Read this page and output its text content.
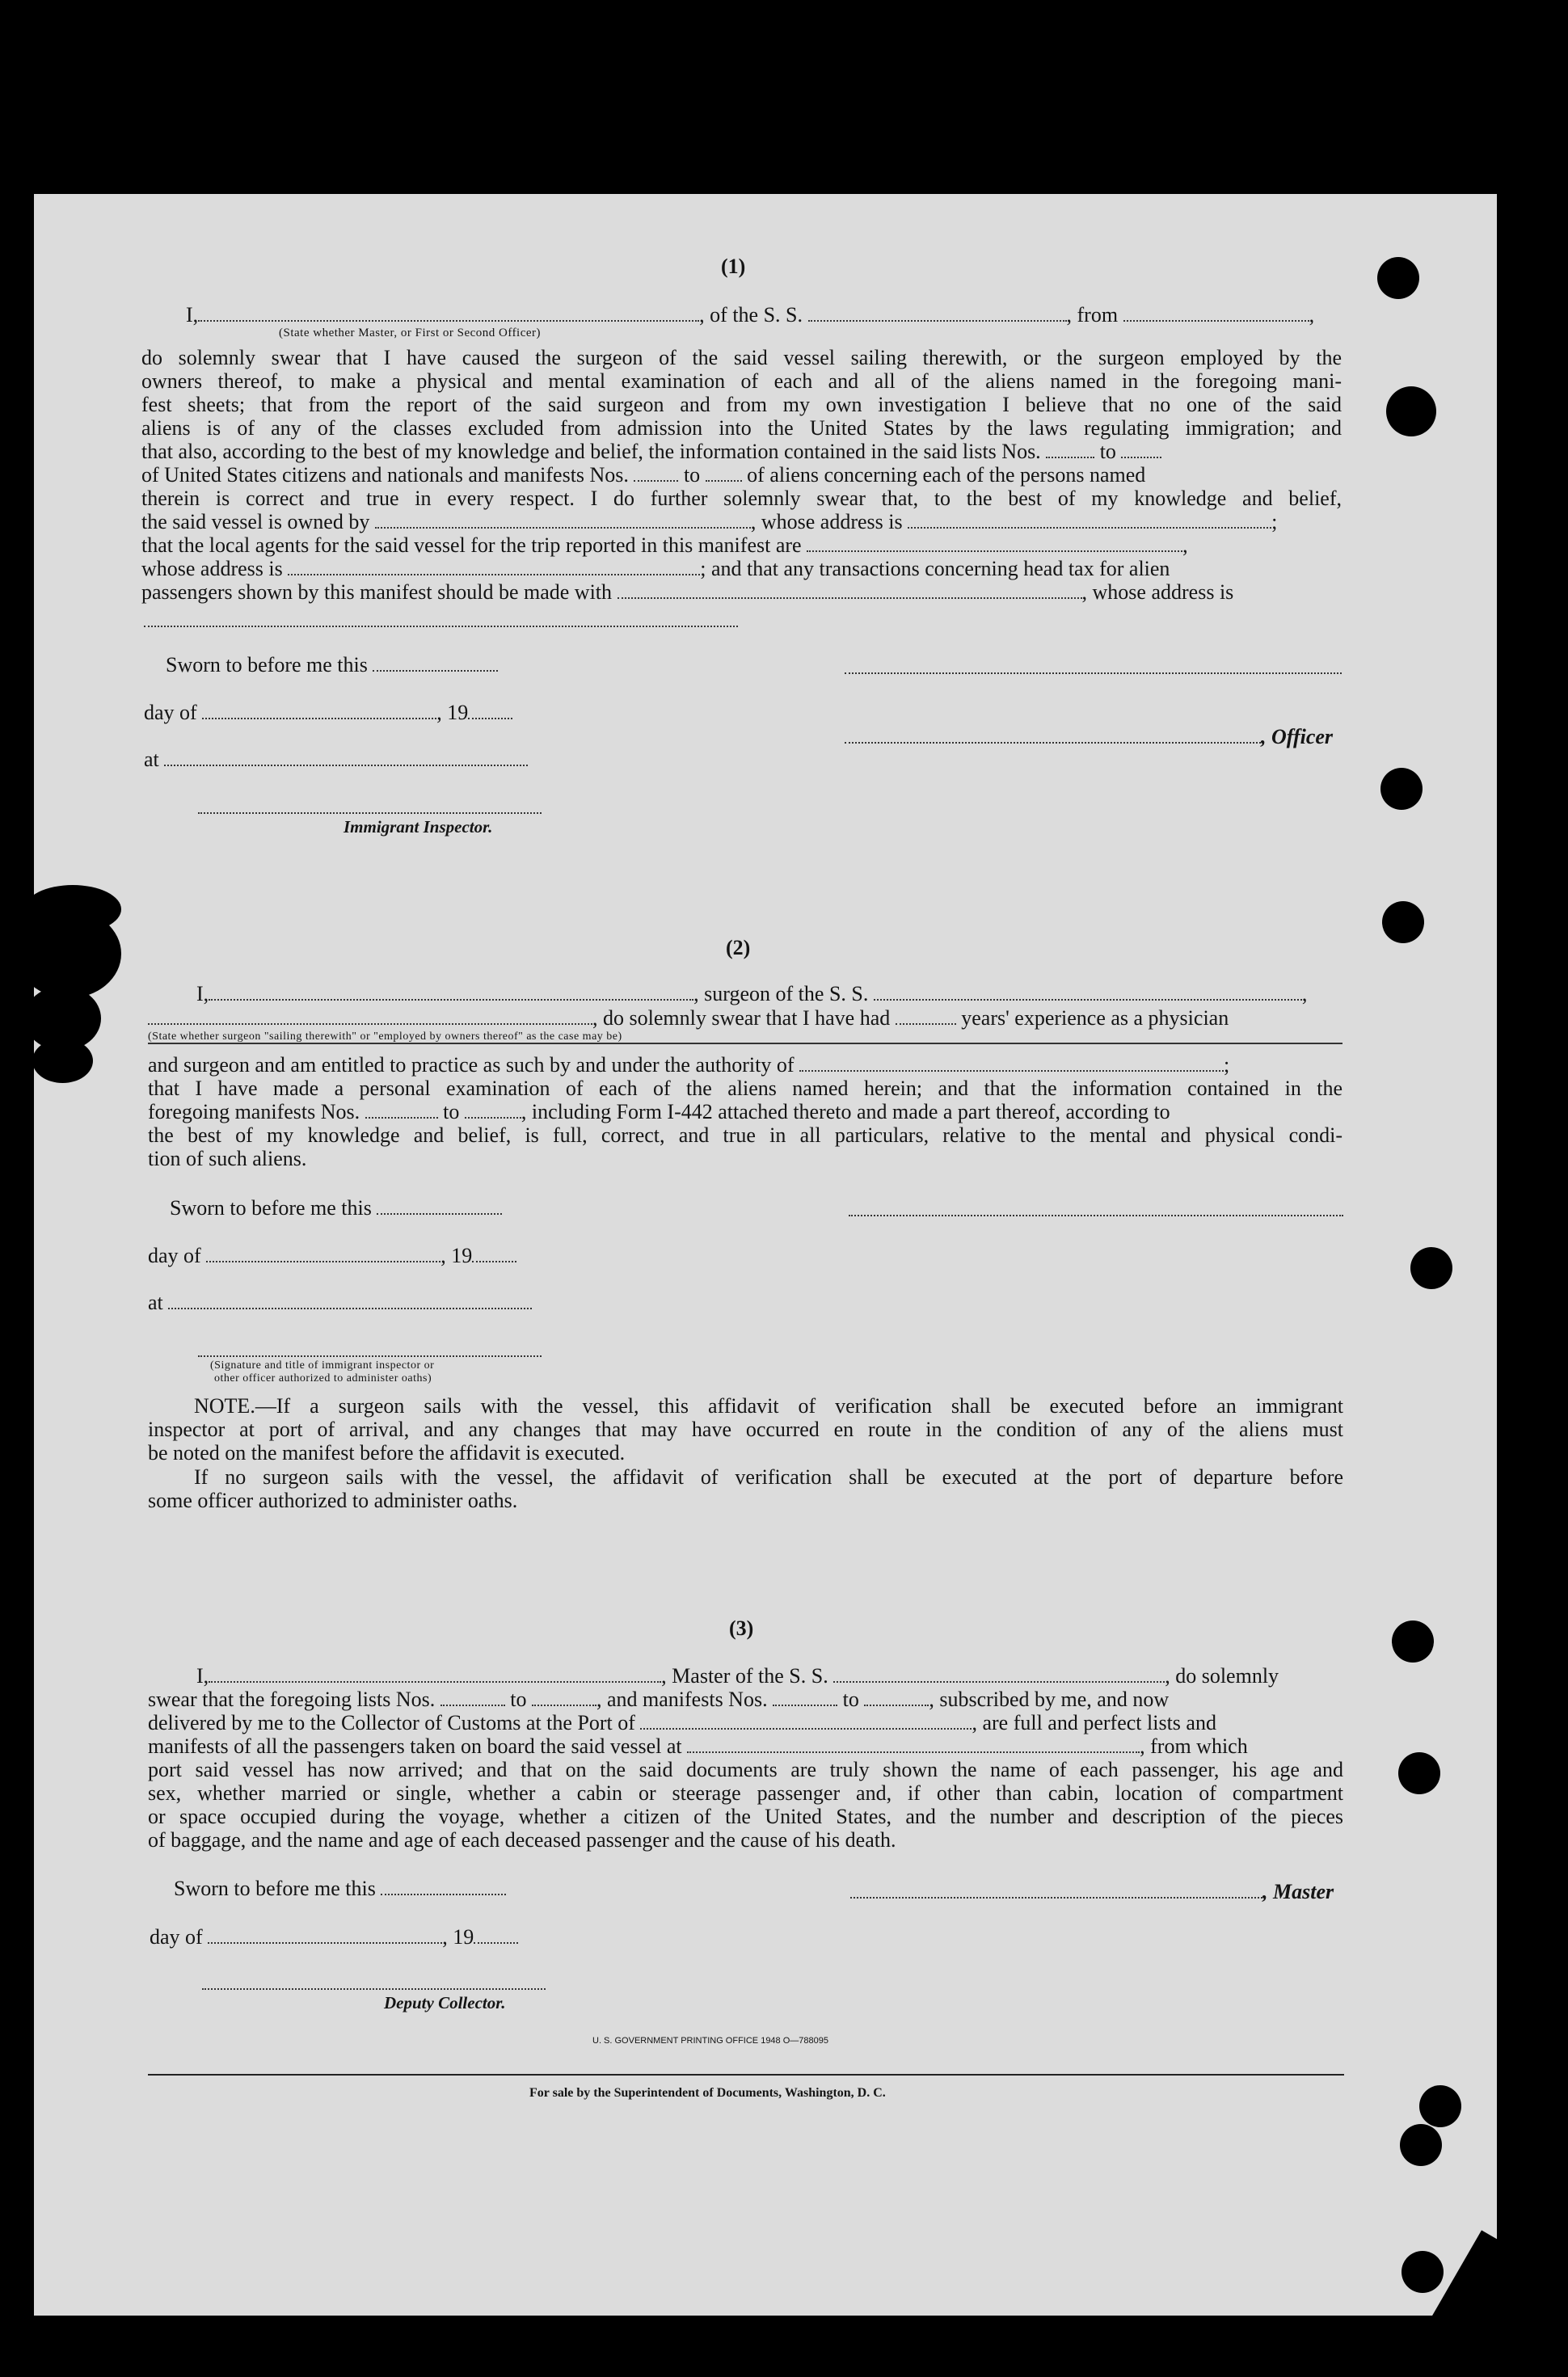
(1)
I,	, of the S. S.	, from	,
(State whether Master, or First or Second Officer)
do solemnly swear that I have caused the surgeon of the said vessel sailing therewith, or the surgeon employed by the
owners thereof, to make a physical and mental examination of each and all of the aliens named in the foregoing mani-
fest sheets; that from the report of the said surgeon and from my own investigation I believe that no one of the said
aliens is of any of the classes excluded from admission into the United States by the laws regulating immigration; and
that also, according to the best of my knowledge and belief, the information contained in the said lists Nos.	to
of United States citizens and nationals and manifests Nos.	to of aliens concerning each of the persons named
therein is correct and true in every respect. I do further solemnly swear that, to the best of my knowledge and belief,
the said vessel is owned by	, whose address is	;
that the local agents for the said vessel for the trip reported in this manifest are	,
whose address is	; and that any transactions concerning head tax for alien
passengers shown by this manifest should be made with	, whose address is
Sworn to before me this
day of	, 19
, Officer
at
Immigrant Inspector.
(2)
I,	, surgeon of the S. S.	,
, do solemnly swear that I have had	years' experience as a physician
(State whether surgeon "sailing therewith" or "employed by owners thereof" as the case may be)
and surgeon and am entitled to practice as such by and under the authority of	;
that I have made a personal examination of each of the aliens named herein; and that the information contained in the
foregoing manifests Nos.	to	, including Form I-442 attached thereto and made a part thereof, according to
the best of my knowledge and belief, is full, correct, and true in all particulars, relative to the mental and physical condi-
tion of such aliens.
Sworn to before me this
day of	, 19
at
(Signature and title of immigrant inspector or
other officer authorized to administer oaths)
NOTE.—If a surgeon sails with the vessel, this affidavit of verification shall be executed before an immigrant
inspector at port of arrival, and any changes that may have occurred en route in the condition of any of the aliens must
be noted on the manifest before the affidavit is executed.
If no surgeon sails with the vessel, the affidavit of verification shall be executed at the port of departure before
some officer authorized to administer oaths.
(3)
I,	, Master of the S. S.	, do solemnly
swear that the foregoing lists Nos.	to	, and manifests Nos.	to	, subscribed by me, and now
delivered by me to the Collector of Customs at the Port of	, are full and perfect lists and
manifests of all the passengers taken on board the said vessel at	, from which
port said vessel has now arrived; and that on the said documents are truly shown the name of each passenger, his age and
sex, whether married or single, whether a cabin or steerage passenger and, if other than cabin, location of compartment
or space occupied during the voyage, whether a citizen of the United States, and the number and description of the pieces
of baggage, and the name and age of each deceased passenger and the cause of his death.
Sworn to before me this	, Master
day of	, 19
Deputy Collector.
U. S. GOVERNMENT PRINTING OFFICE 1948 O—788095
For sale by the Superintendent of Documents, Washington, D. C.
